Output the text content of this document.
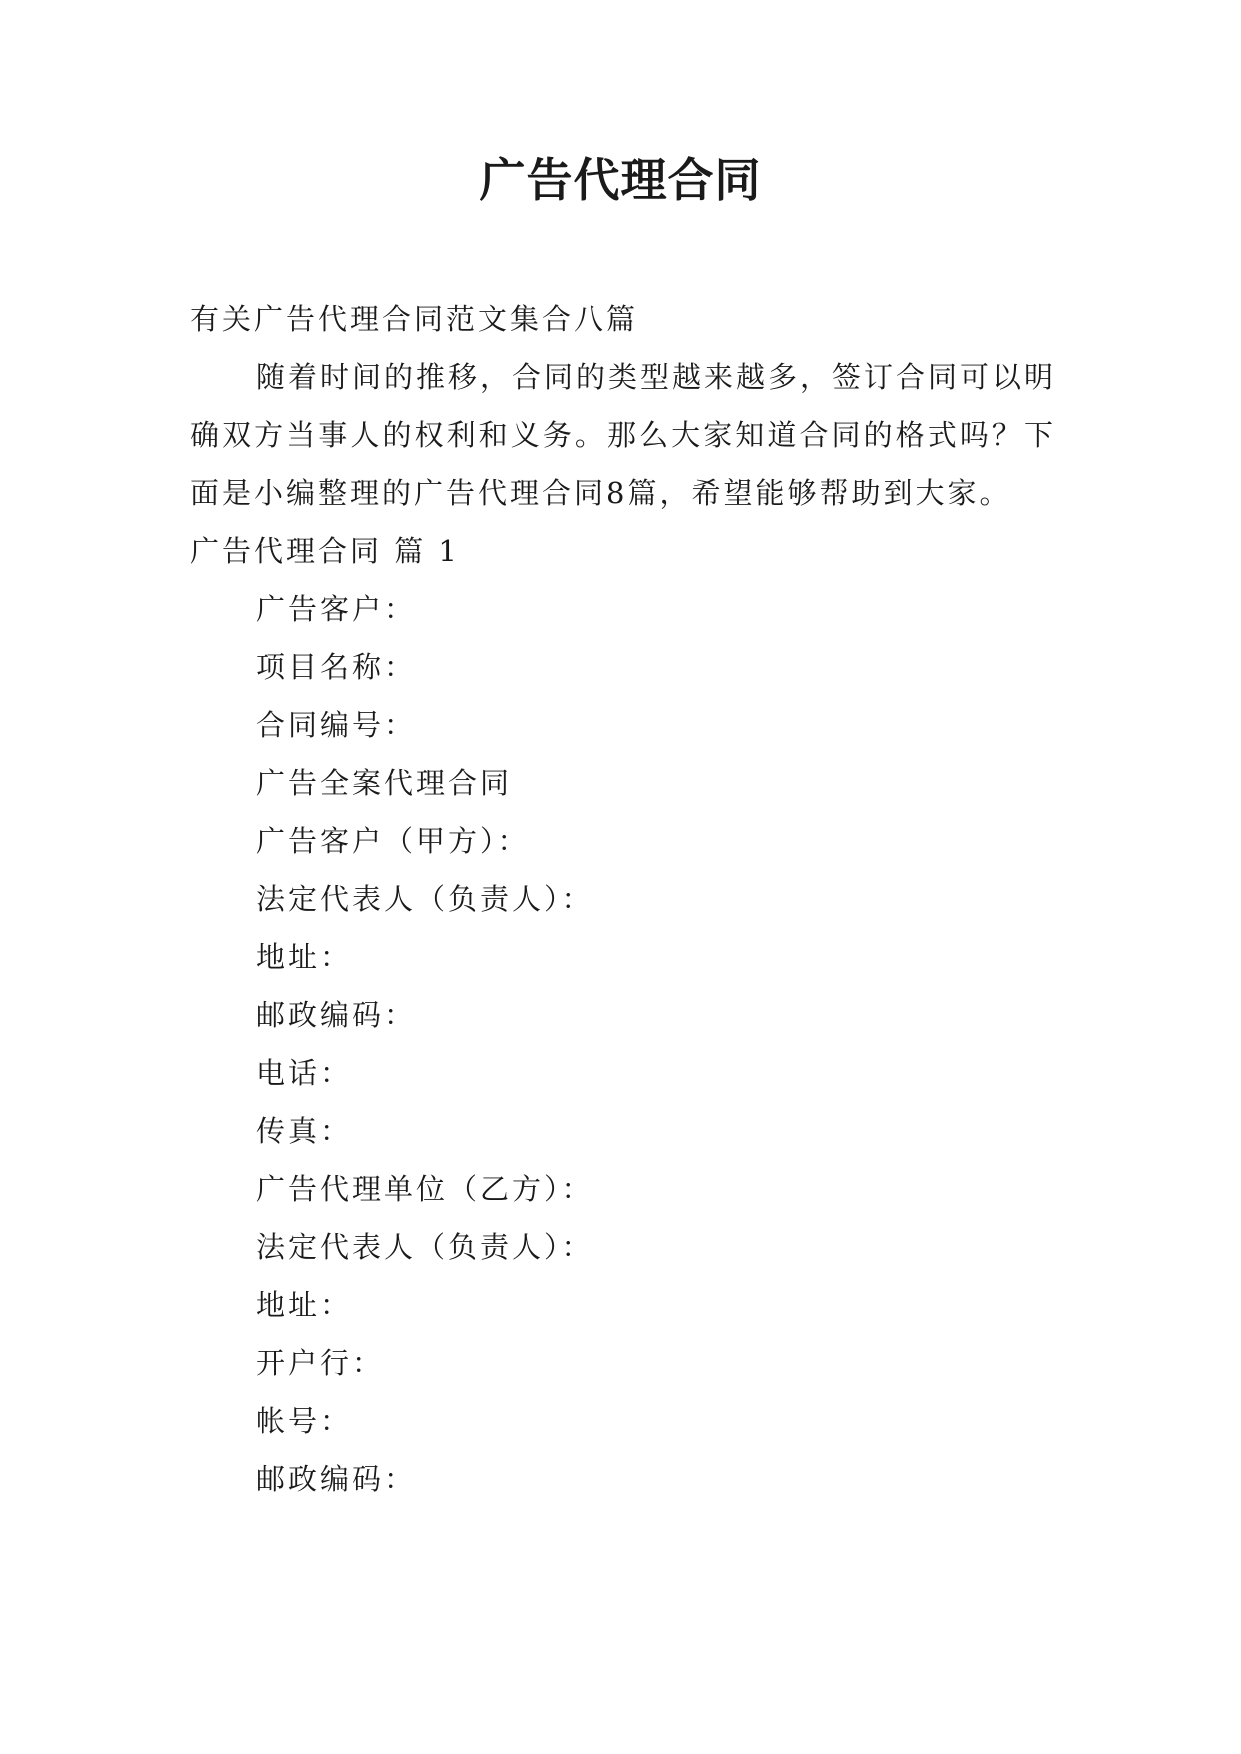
广告代理合同
有关广告代理合同范文集合八篇
随着时间的推移，合同的类型越来越多，签订合同可以明确双方当事人的权利和义务。那么大家知道合同的格式吗？下面是小编整理的广告代理合同8篇，希望能够帮助到大家。
广告代理合同 篇 1
广告客户：
项目名称：
合同编号：
广告全案代理合同
广告客户（甲方）：
法定代表人（负责人）：
地址：
邮政编码：
电话：
传真：
广告代理单位（乙方）：
法定代表人（负责人）：
地址：
开户行：
帐号：
邮政编码：
